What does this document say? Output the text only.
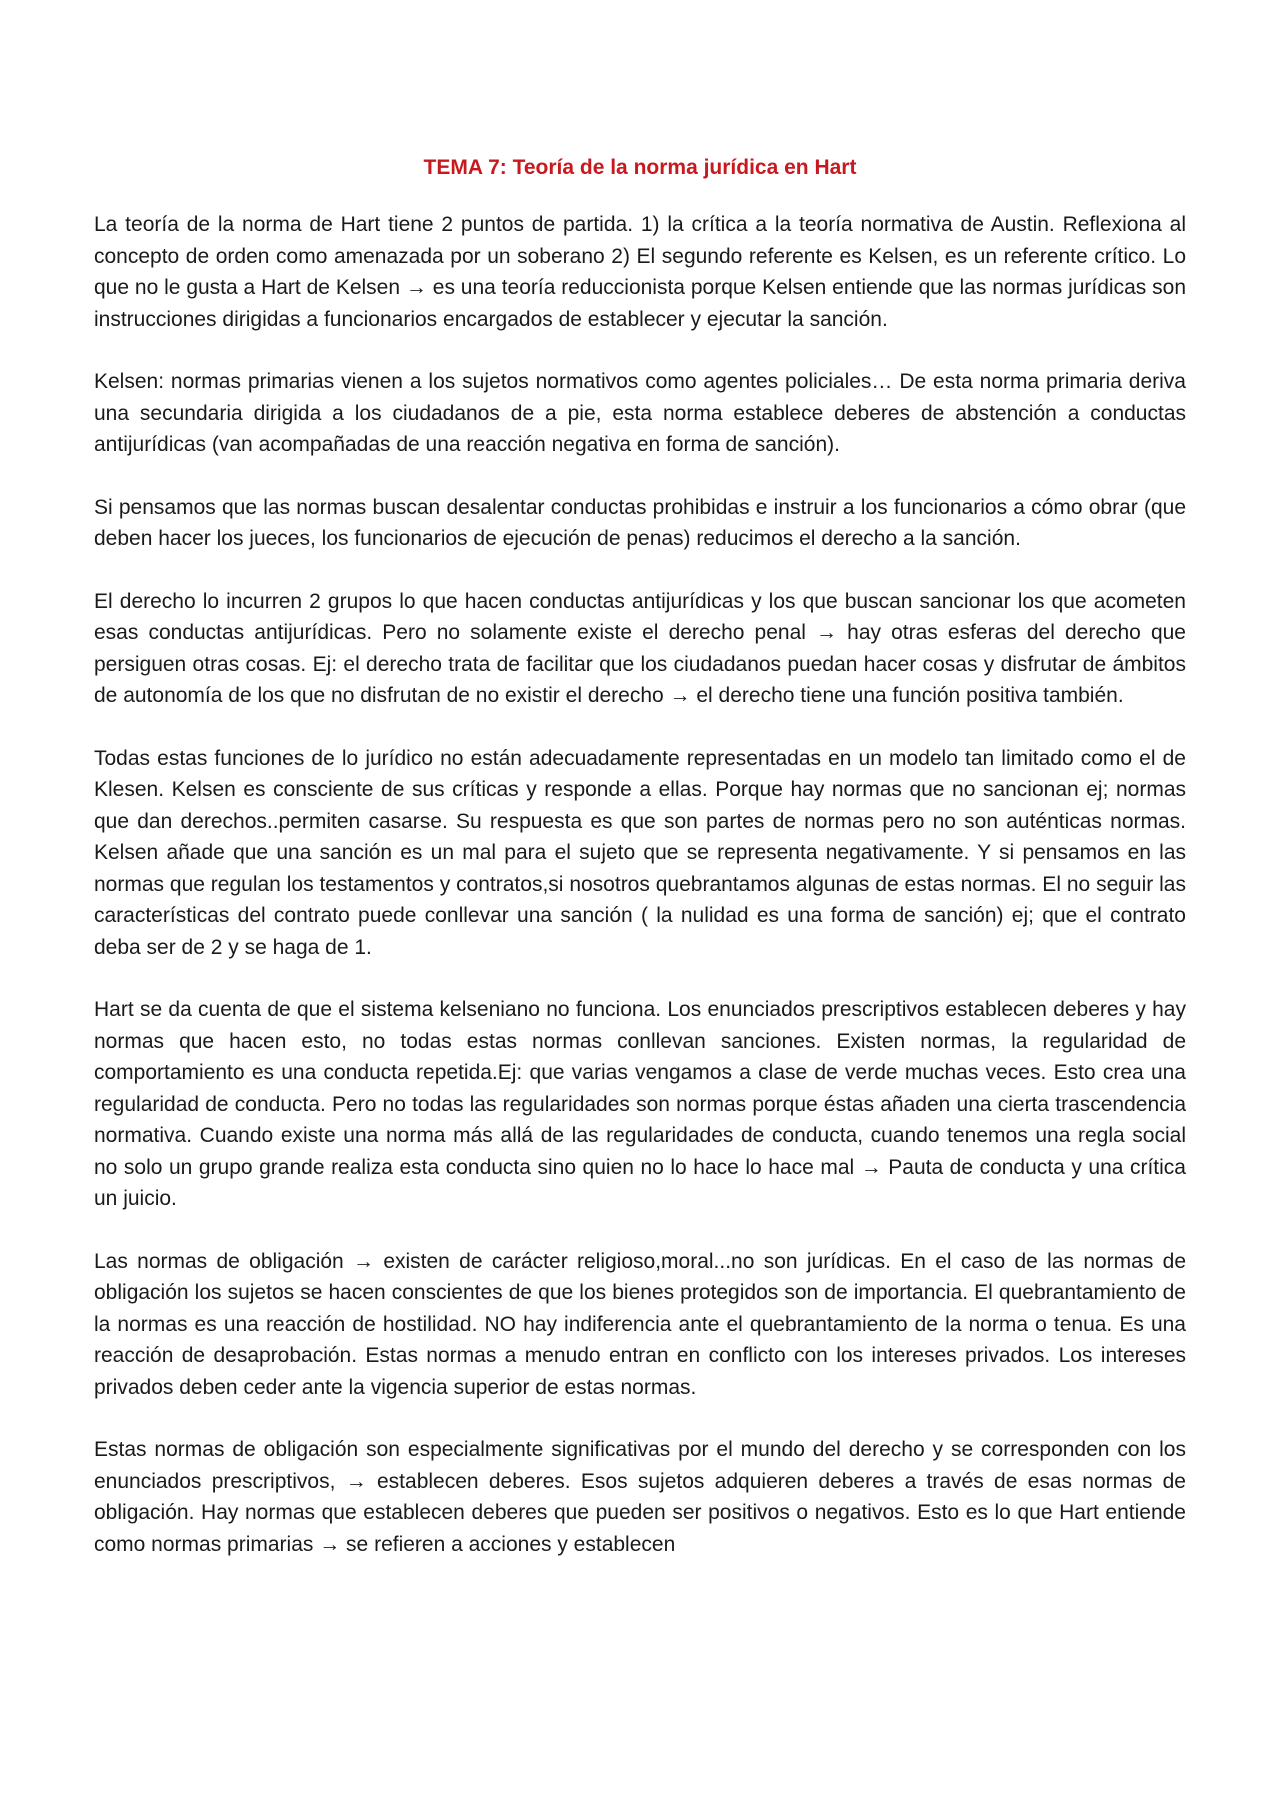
TEMA 7: Teoría de la norma jurídica en Hart

La teoría de la norma de Hart tiene 2 puntos de partida. 1) la crítica a la teoría normativa de Austin. Reflexiona al concepto de orden como amenazada por un soberano 2) El segundo referente es Kelsen, es un referente crítico. Lo que no le gusta a Hart de Kelsen → es una teoría reduccionista porque Kelsen entiende que las normas jurídicas son instrucciones dirigidas a funcionarios encargados de establecer y ejecutar la sanción.

Kelsen: normas primarias vienen a los sujetos normativos como agentes policiales… De esta norma primaria deriva una secundaria dirigida a los ciudadanos de a pie, esta norma establece deberes de abstención a conductas antijurídicas (van acompañadas de una reacción negativa en forma de sanción).

Si pensamos que las normas buscan desalentar conductas prohibidas e instruir a los funcionarios a cómo obrar (que deben hacer los jueces, los funcionarios de ejecución de penas) reducimos el derecho a la sanción.

El derecho lo incurren 2 grupos lo que hacen conductas antijurídicas y los que buscan sancionar los que acometen esas conductas antijurídicas. Pero no solamente existe el derecho penal → hay otras esferas del derecho que persiguen otras cosas. Ej: el derecho trata de facilitar que los ciudadanos puedan hacer cosas y disfrutar de ámbitos de autonomía de los que no disfrutan de no existir el derecho → el derecho tiene una función positiva también.

Todas estas funciones de lo jurídico no están adecuadamente representadas en un modelo tan limitado como el de Klesen. Kelsen es consciente de sus críticas y responde a ellas. Porque hay normas que no sancionan ej; normas que dan derechos..permiten casarse. Su respuesta es que son partes de normas pero no son auténticas normas. Kelsen añade que una sanción es un mal para el sujeto que se representa negativamente. Y si pensamos en las normas que regulan los testamentos y contratos,si nosotros quebrantamos algunas de estas normas. El no seguir las características del contrato puede conllevar una sanción ( la nulidad es una forma de sanción) ej; que el contrato deba ser de 2 y se haga de 1.

Hart se da cuenta de que el sistema kelseniano no funciona. Los enunciados prescriptivos establecen deberes y hay normas que hacen esto, no todas estas normas conllevan sanciones. Existen normas, la regularidad de comportamiento es una conducta repetida.Ej: que varias vengamos a clase de verde muchas veces. Esto crea una regularidad de conducta. Pero no todas las regularidades son normas porque éstas añaden una cierta trascendencia normativa. Cuando existe una norma más allá de las regularidades de conducta, cuando tenemos una regla social no solo un grupo grande realiza esta conducta sino quien no lo hace lo hace mal → Pauta de conducta y una crítica un juicio.

Las normas de obligación → existen de carácter religioso,moral...no son jurídicas. En el caso de las normas de obligación los sujetos se hacen conscientes de que los bienes protegidos son de importancia. El quebrantamiento de la normas es una reacción de hostilidad. NO hay indiferencia ante el quebrantamiento de la norma o tenua. Es una reacción de desaprobación. Estas normas a menudo entran en conflicto con los intereses privados. Los intereses privados deben ceder ante la vigencia superior de estas normas.

Estas normas de obligación son especialmente significativas por el mundo del derecho y se corresponden con los enunciados prescriptivos, → establecen deberes. Esos sujetos adquieren deberes a través de esas normas de obligación. Hay normas que establecen deberes que pueden ser positivos o negativos. Esto es lo que Hart entiende como normas primarias → se refieren a acciones y establecen
